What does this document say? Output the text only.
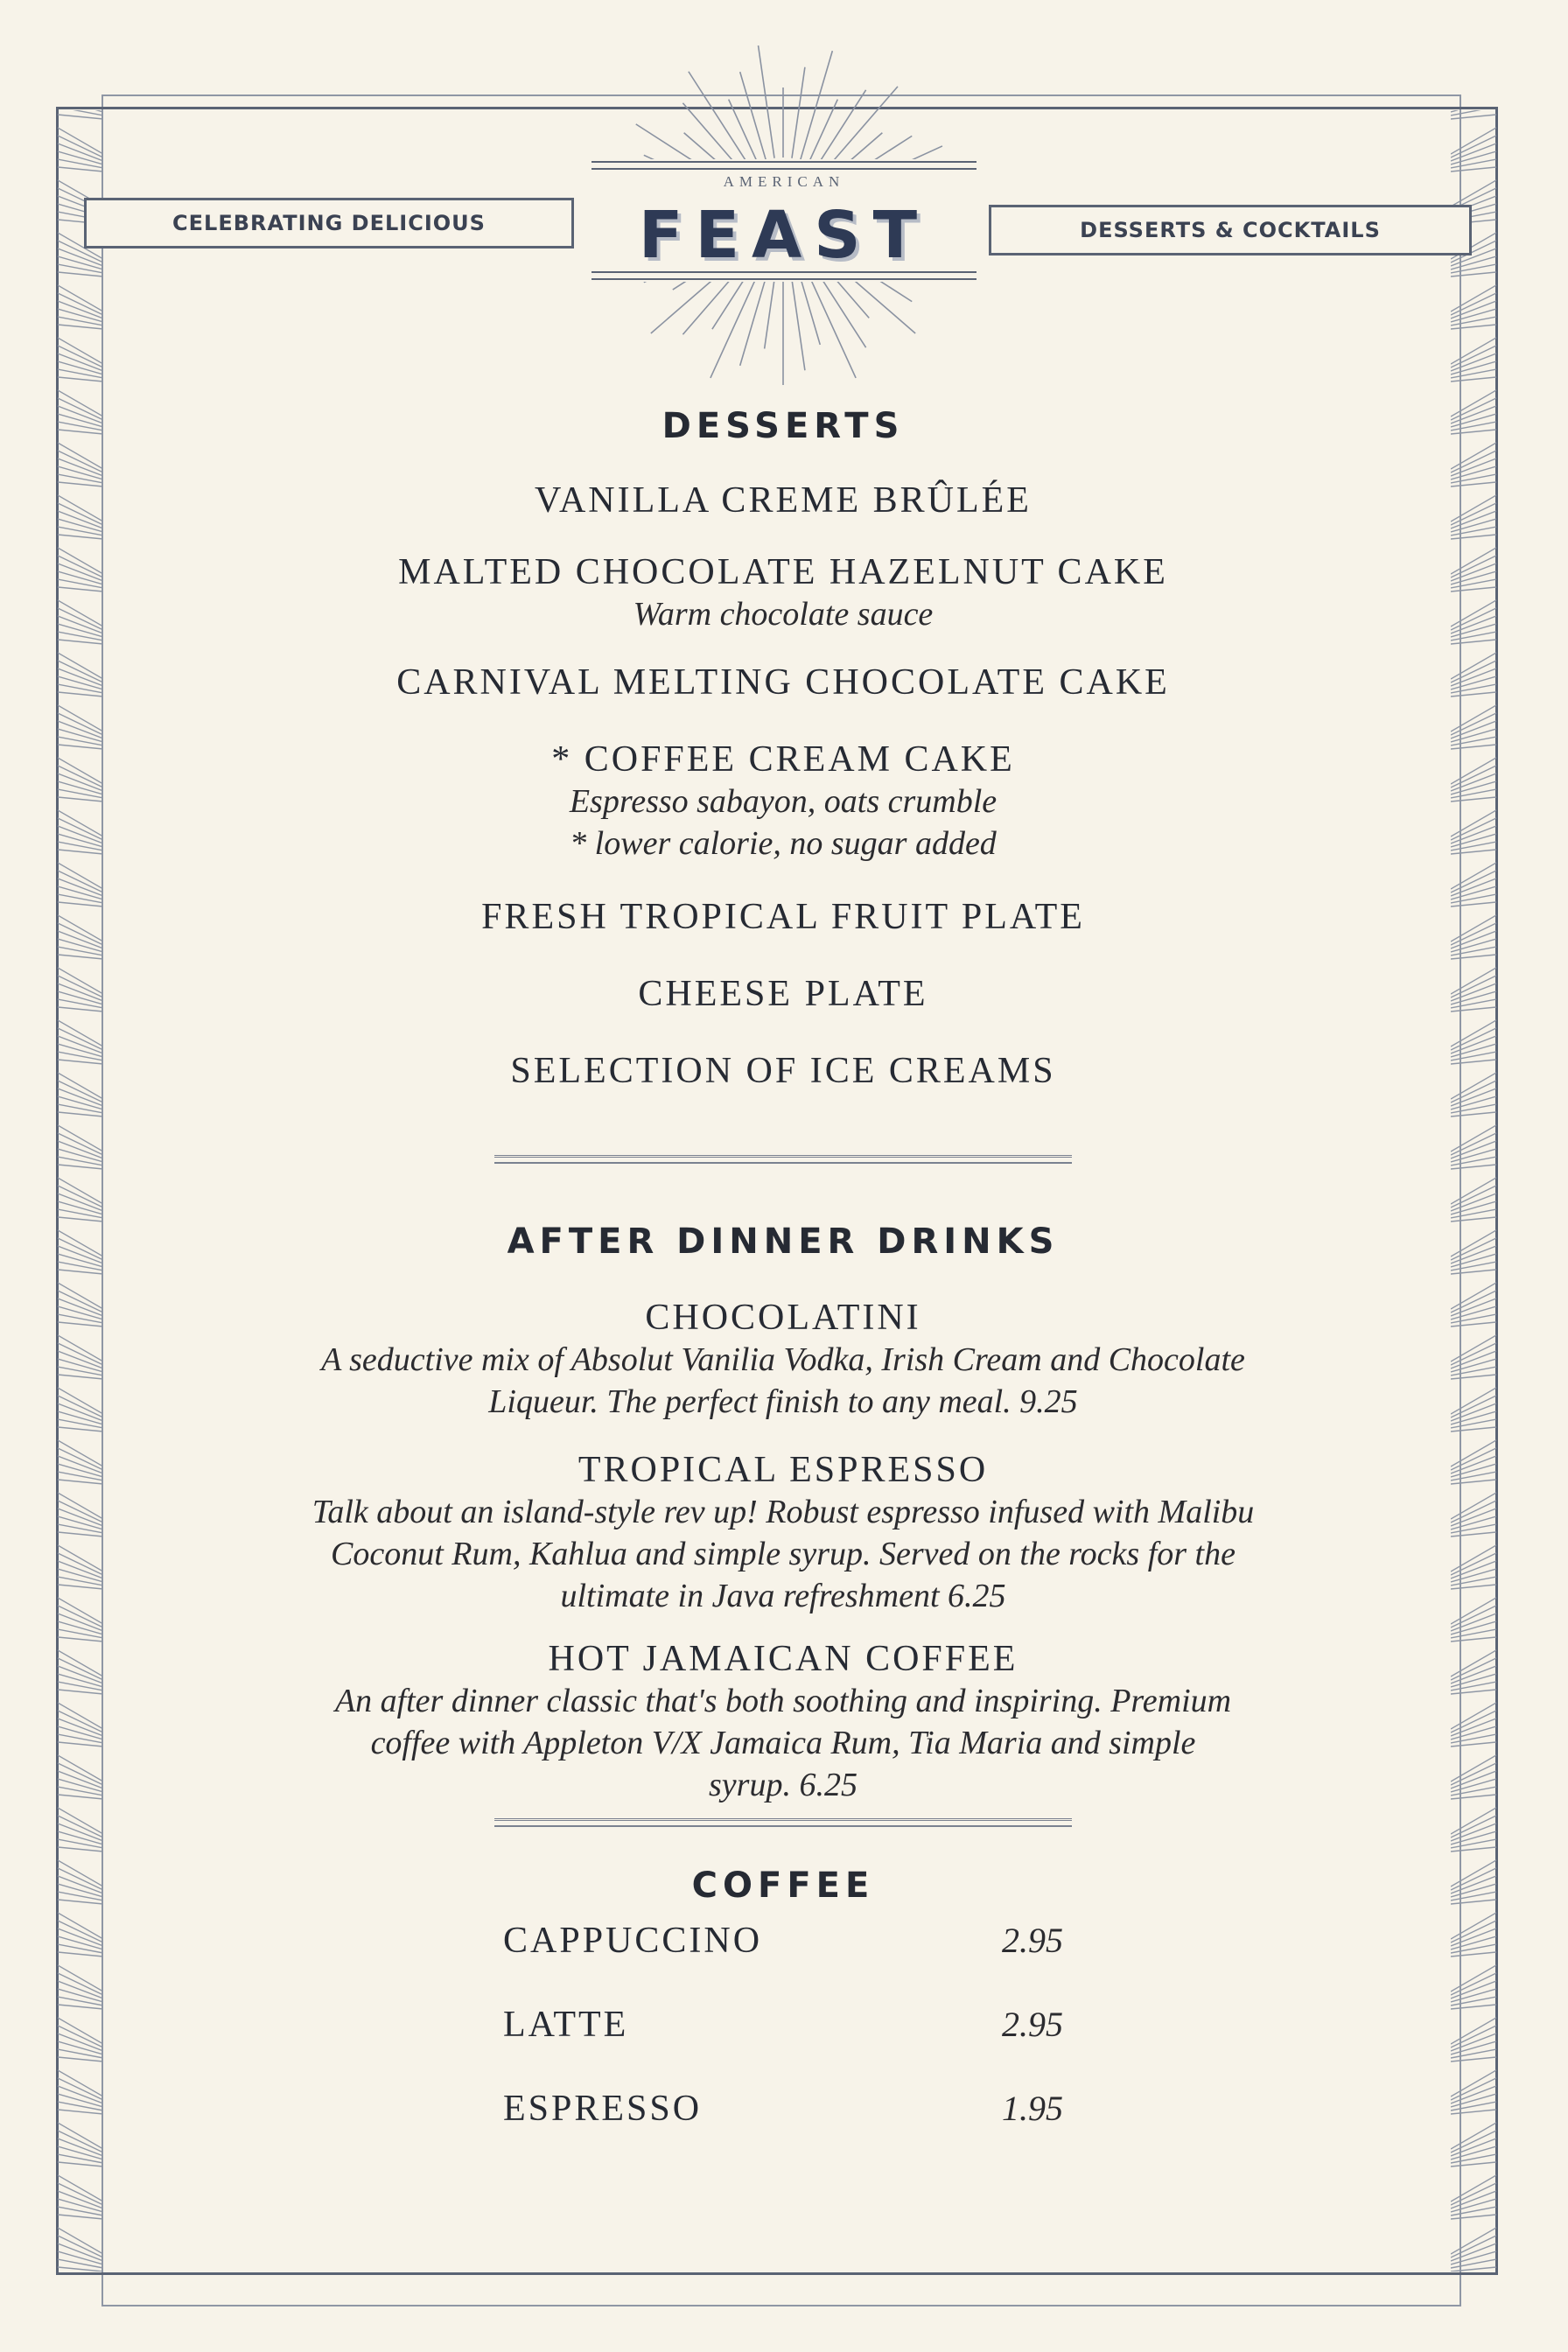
CELEBRATING DELICIOUS	DESSERTS & COCKTAILS
AMERICAN
FEAST
DESSERTS
VANILLA CREME BRÛLÉE
MALTED CHOCOLATE HAZELNUT CAKE
Warm chocolate sauce
CARNIVAL MELTING CHOCOLATE CAKE
* COFFEE CREAM CAKE
Espresso sabayon, oats crumble
* lower calorie, no sugar added
FRESH TROPICAL FRUIT PLATE
CHEESE PLATE
SELECTION OF ICE CREAMS
AFTER DINNER DRINKS
CHOCOLATINI
A seductive mix of Absolut Vanilia Vodka, Irish Cream and Chocolate
Liqueur. The perfect finish to any meal. 9.25
TROPICAL ESPRESSO
Talk about an island-style rev up! Robust espresso infused with Malibu
Coconut Rum, Kahlua and simple syrup. Served on the rocks for the
ultimate in Java refreshment 6.25
HOT JAMAICAN COFFEE
An after dinner classic that's both soothing and inspiring. Premium
coffee with Appleton V/X Jamaica Rum, Tia Maria and simple
syrup. 6.25
COFFEE
CAPPUCCINO	2.95
LATTE	2.95
ESPRESSO	1.95
